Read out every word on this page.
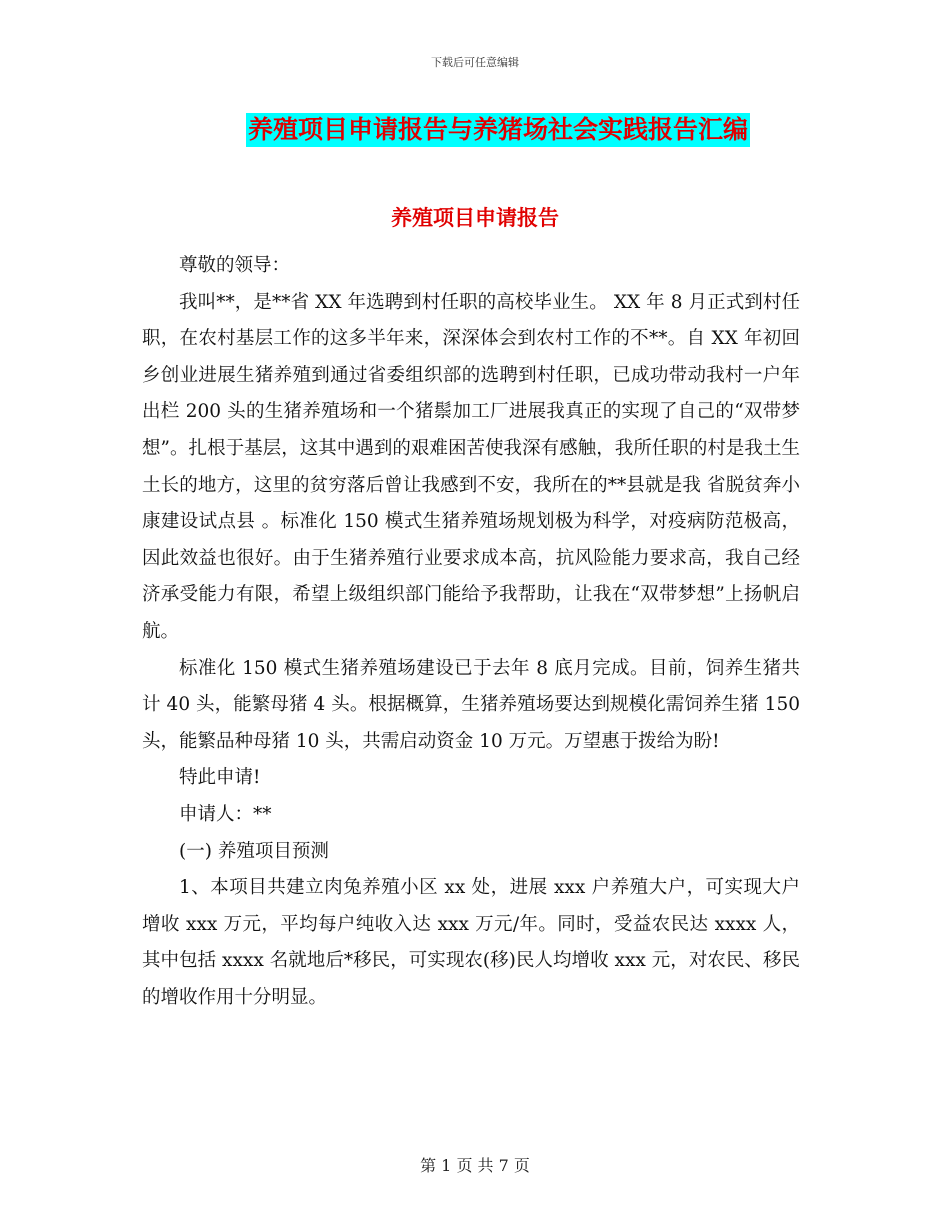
下载后可任意编辑
养殖项目申请报告与养猪场社会实践报告汇编
养殖项目申请报告

尊敬的领导：

我叫**，是**省 XX 年选聘到村任职的高校毕业生。 XX 年 8 月正式到村任职，在农村基层工作的这多半年来，深深体会到农村工作的不**。自 XX 年初回乡创业进展生猪养殖到通过省委组织部的选聘到村任职，已成功带动我村一户年出栏 200 头的生猪养殖场和一个猪鬃加工厂进展我真正的实现了自己的“双带梦想”。扎根于基层，这其中遇到的艰难困苦使我深有感触，我所任职的村是我土生土长的地方，这里的贫穷落后曾让我感到不安，我所在的**县就是我 省脱贫奔小康建设试点县 。标准化 150 模式生猪养殖场规划极为科学，对疫病防范极高，因此效益也很好。由于生猪养殖行业要求成本高，抗风险能力要求高，我自己经济承受能力有限，希望上级组织部门能给予我帮助，让我在“双带梦想”上扬帆启航。

标准化 150 模式生猪养殖场建设已于去年 8 底月完成。目前，饲养生猪共计 40 头，能繁母猪 4 头。根据概算，生猪养殖场要达到规模化需饲养生猪 150 头，能繁品种母猪 10 头，共需启动资金 10 万元。万望惠于拨给为盼!

特此申请!

申请人：**

(一) 养殖项目预测

1、本项目共建立肉兔养殖小区 xx 处，进展 xxx 户养殖大户，可实现大户增收 xxx 万元，平均每户纯收入达 xxx 万元/年。同时，受益农民达 xxxx 人，其中包括 xxxx 名就地后*移民，可实现农(移)民人均增收 xxx 元，对农民、移民的增收作用十分明显。

第 1 页 共 7 页
